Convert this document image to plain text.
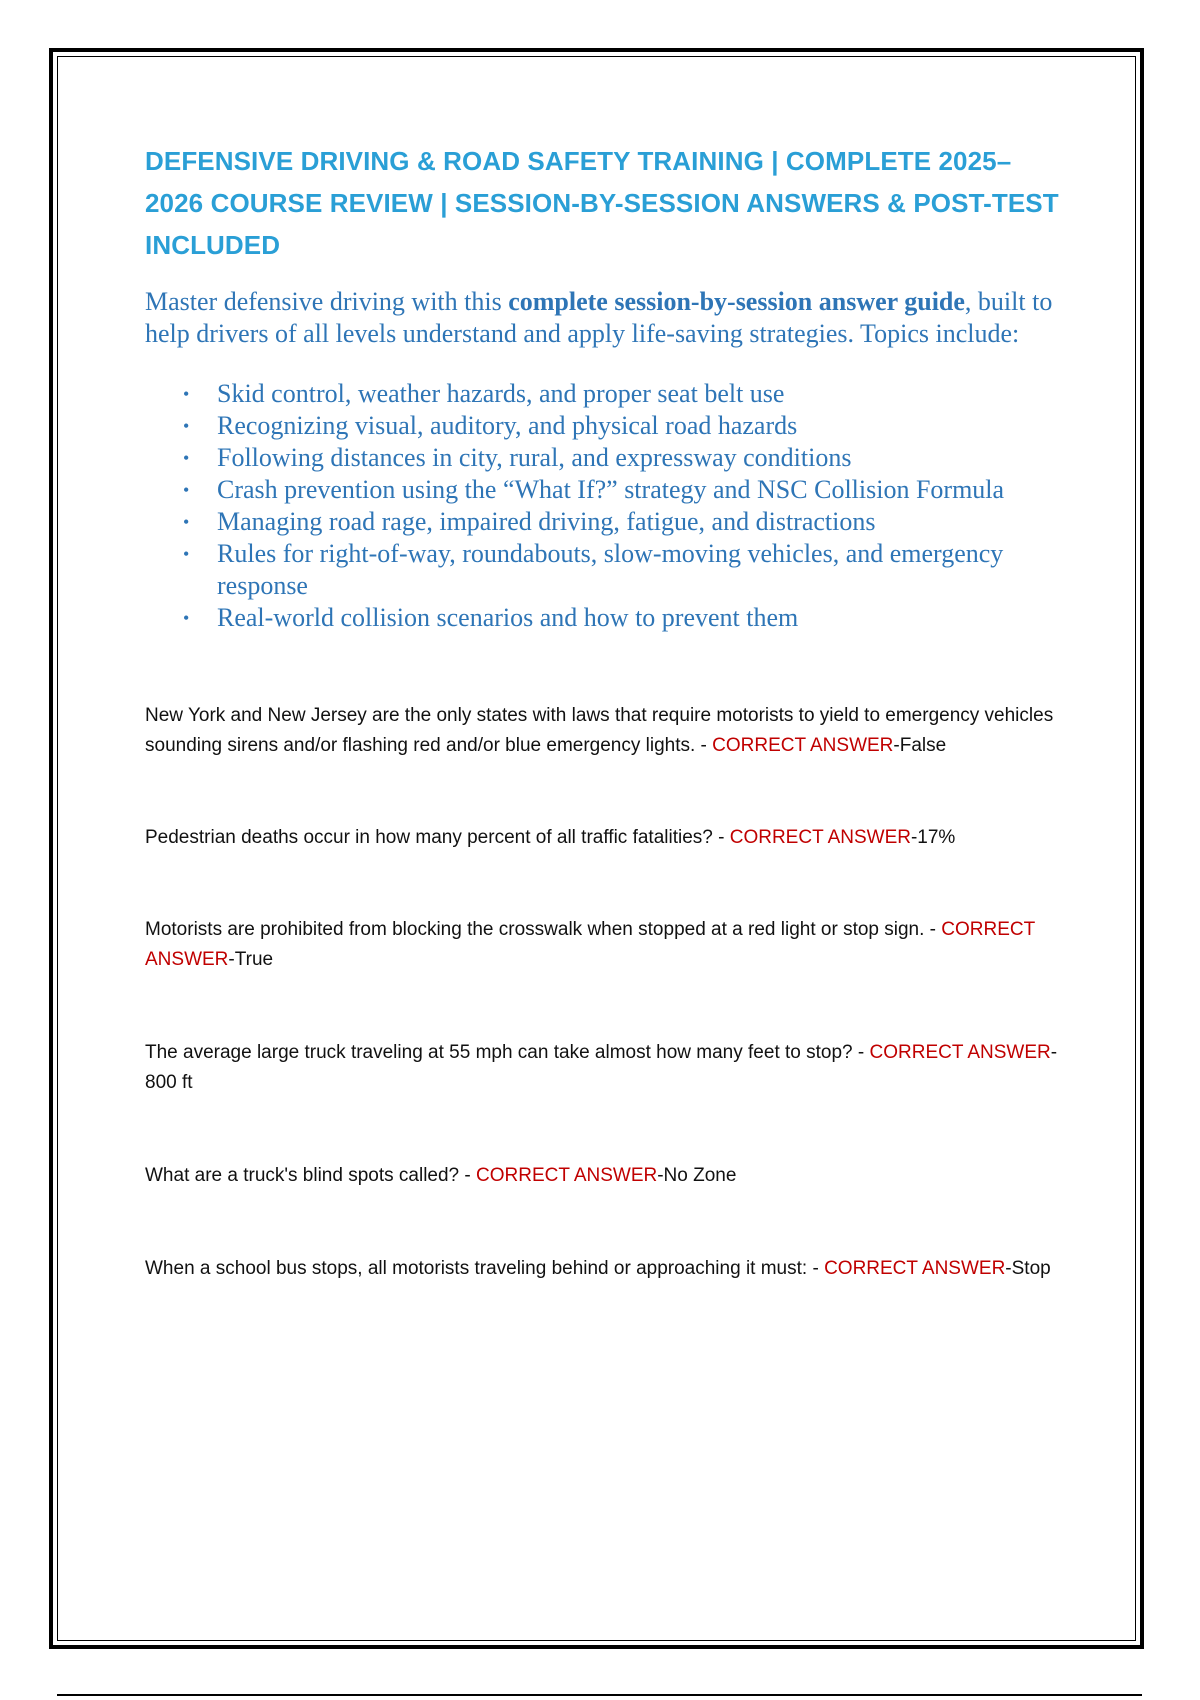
DEFENSIVE DRIVING & ROAD SAFETY TRAINING | COMPLETE 2025–2026 COURSE REVIEW | SESSION-BY-SESSION ANSWERS & POST-TEST INCLUDED

Master defensive driving with this complete session-by-session answer guide, built to help drivers of all levels understand and apply life-saving strategies. Topics include:

• Skid control, weather hazards, and proper seat belt use
• Recognizing visual, auditory, and physical road hazards
• Following distances in city, rural, and expressway conditions
• Crash prevention using the “What If?” strategy and NSC Collision Formula
• Managing road rage, impaired driving, fatigue, and distractions
• Rules for right-of-way, roundabouts, slow-moving vehicles, and emergency response
• Real-world collision scenarios and how to prevent them

New York and New Jersey are the only states with laws that require motorists to yield to emergency vehicles sounding sirens and/or flashing red and/or blue emergency lights. - CORRECT ANSWER-False

Pedestrian deaths occur in how many percent of all traffic fatalities? - CORRECT ANSWER-17%

Motorists are prohibited from blocking the crosswalk when stopped at a red light or stop sign. - CORRECT ANSWER-True

The average large truck traveling at 55 mph can take almost how many feet to stop? - CORRECT ANSWER-800 ft

What are a truck's blind spots called? - CORRECT ANSWER-No Zone

When a school bus stops, all motorists traveling behind or approaching it must: - CORRECT ANSWER-Stop
